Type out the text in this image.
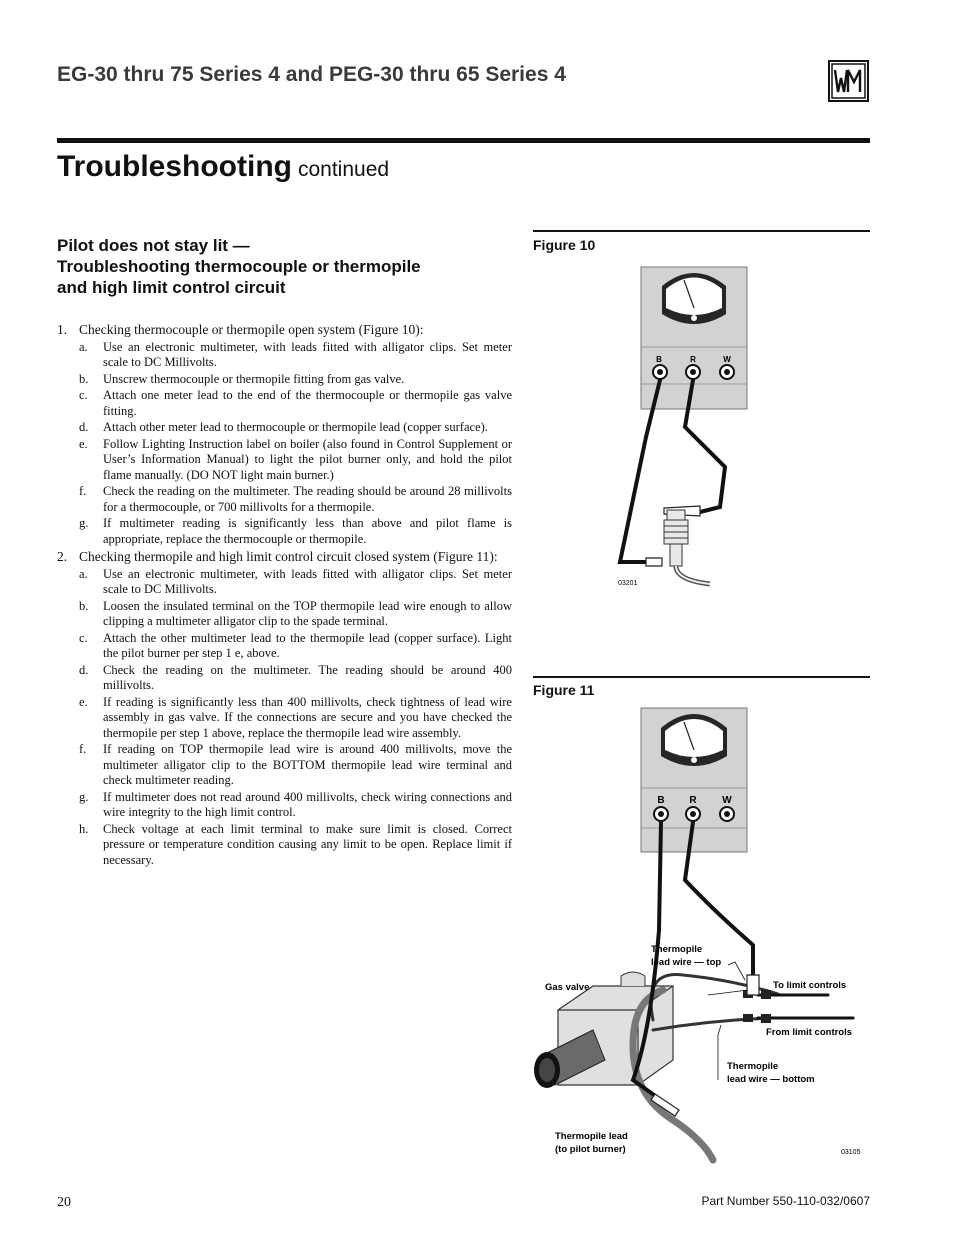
EG-30 thru 75 Series 4 and PEG-30 thru 65 Series 4
Troubleshooting continued
Pilot does not stay lit —
Troubleshooting thermocouple or thermopile
and high limit control circuit
1. Checking thermocouple or thermopile open system (Figure 10):
a.	Use an electronic multimeter, with leads fitted with alligator clips. Set meter scale to DC Millivolts.
b.	Unscrew thermocouple or thermopile fitting from gas valve.
c.	Attach one meter lead to the end of the thermocouple or thermopile gas valve fitting.
d.	Attach other meter lead to thermocouple or thermopile lead (copper surface).
e.	Follow Lighting Instruction label on boiler (also found in Control Supplement or User’s Information Manual) to light the pilot burner only, and hold the pilot flame manually. (DO NOT light main burner.)
f.	Check the reading on the multimeter. The reading should be around 28 millivolts for a thermocouple, or 700 millivolts for a thermopile.
g.	If multimeter reading is significantly less than above and pilot flame is appropriate, replace the thermocouple or thermopile.
2. Checking thermopile and high limit control circuit closed system (Figure 11):
a.	Use an electronic multimeter, with leads fitted with alligator clips. Set meter scale to DC Millivolts.
b.	Loosen the insulated terminal on the TOP thermopile lead wire enough to allow clipping a multimeter alligator clip to the spade terminal.
c.	Attach the other multimeter lead to the thermopile lead (copper surface). Light the pilot burner per step 1 e, above.
d.	Check the reading on the multimeter. The reading should be around 400 millivolts.
e.	If reading is significantly less than 400 millivolts, check tightness of lead wire assembly in gas valve. If the connections are secure and you have checked the thermopile per step 1 above, replace the thermopile lead wire assembly.
f.	If reading on TOP thermopile lead wire is around 400 millivolts, move the multimeter alligator clip to the BOTTOM thermopile lead wire terminal and check multimeter reading.
g.	If multimeter does not read around 400 millivolts, check wiring connections and wire integrity to the high limit control.
h.	Check voltage at each limit terminal to make sure limit is closed. Correct pressure or temperature condition causing any limit to be open. Replace limit if necessary.
Figure 10
B	R	W
03201
Figure 11
B R	W
Thermopile
lead wire — top
Gas valve	To limit controls
From limit controls
Thermopile
lead wire — bottom
Thermopile lead
(to pilot burner)	03105
20	Part Number 550-110-032/0607
